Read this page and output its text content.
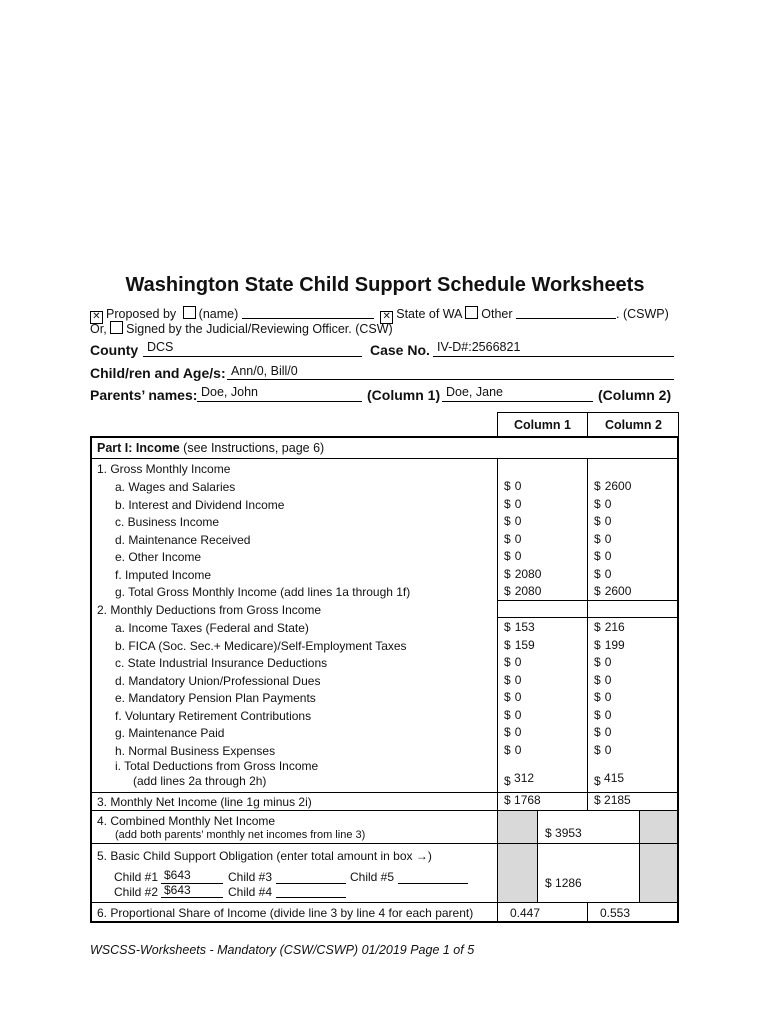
Washington State Child Support Schedule Worksheets
✕ Proposed by (name)	✕ State of WA Other	. (CSWP)
Or, Signed by the Judicial/Reviewing Officer. (CSW)
County DCS	Case No. IV-D#:2566821
Child/ren and Age/s: Ann/0, Bill/0
Parents’ names: Doe, John	(Column 1) Doe, Jane	(Column 2)
Column 1	Column 2
Part I: Income (see Instructions, page 6)
1. Gross Monthly Income
a. Wages and Salaries	$ 0	$ 2600
b. Interest and Dividend Income	$ 0	$ 0
c. Business Income	$ 0	$ 0
d. Maintenance Received	$ 0	$ 0
e. Other Income	$ 0	$ 0
f. Imputed Income	$ 2080	$ 0
g. Total Gross Monthly Income (add lines 1a through 1f)	$ 2080	$ 2600
2. Monthly Deductions from Gross Income
a. Income Taxes (Federal and State)	$ 153	$ 216
b. FICA (Soc. Sec.+ Medicare)/Self-Employment Taxes	$ 159	$ 199
c. State Industrial Insurance Deductions	$ 0	$ 0
d. Mandatory Union/Professional Dues	$ 0	$ 0
e. Mandatory Pension Plan Payments	$ 0	$ 0
f. Voluntary Retirement Contributions	$ 0	$ 0
g. Maintenance Paid	$ 0	$ 0
h. Normal Business Expenses	$ 0	$ 0
i. Total Deductions from Gross Income
(add lines 2a through 2h)	$ 312	$ 415
3. Monthly Net Income (line 1g minus 2i)	$ 1768	$ 2185
4. Combined Monthly Net Income
(add both parents’ monthly net incomes from line 3)	$ 3953
5. Basic Child Support Obligation (enter total amount in box →)
Child #1 $643	Child #3	Child #5
Child #2 $643	Child #4
$ 1286
6. Proportional Share of Income (divide line 3 by line 4 for each parent)	0.447	0.553
WSCSS-Worksheets - Mandatory (CSW/CSWP) 01/2019 Page 1 of 5
